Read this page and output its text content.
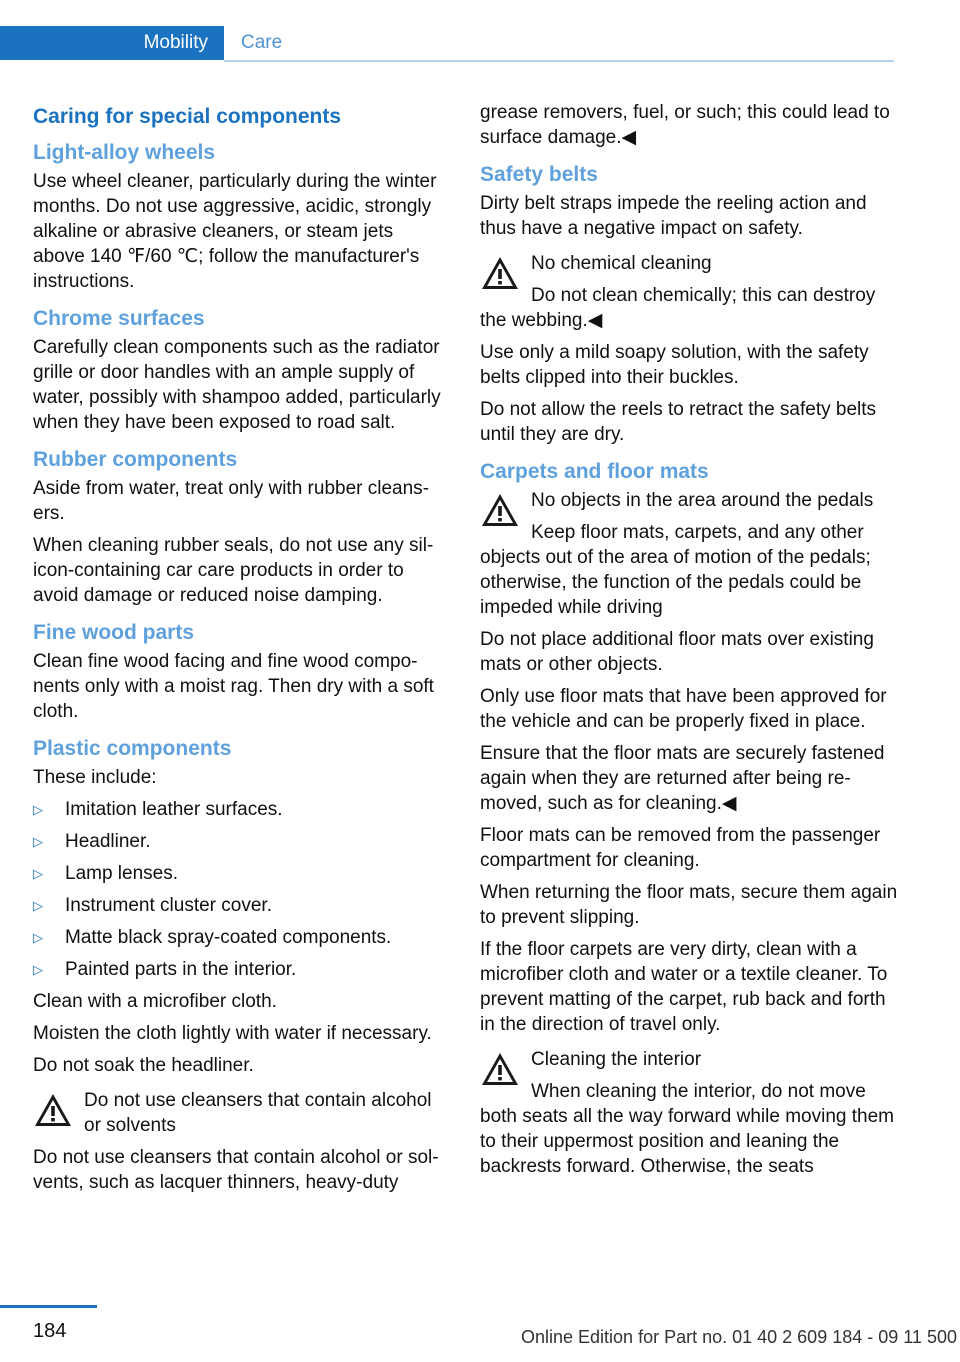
Mobility	Care
Caring for special components
Light-alloy wheels

Use wheel cleaner, particularly during the winter months. Do not use aggressive, acidic, strongly alkaline or abrasive cleaners, or steam jets above 140 ℉/60 ℃; follow the manufacturer's instructions.

Chrome surfaces

Carefully clean components such as the radiator grille or door handles with an ample supply of water, possibly with shampoo added, particularly when they have been exposed to road salt.

Rubber components

Aside from water, treat only with rubber cleansers.

When cleaning rubber seals, do not use any silicon-containing car care products in order to avoid damage or reduced noise damping.

Fine wood parts

Clean fine wood facing and fine wood components only with a moist rag. Then dry with a soft cloth.

Plastic components

These include:

▷	Imitation leather surfaces.
▷	Headliner.
▷	Lamp lenses.
▷	Instrument cluster cover.
▷	Matte black spray-coated components.
▷	Painted parts in the interior.

Clean with a microfiber cloth.

Moisten the cloth lightly with water if necessary.

Do not soak the headliner.

Do not use cleansers that contain alcohol or solvents

Do not use cleansers that contain alcohol or solvents, such as lacquer thinners, heavy-duty

grease removers, fuel, or such; this could lead to surface damage.◀

Safety belts

Dirty belt straps impede the reeling action and thus have a negative impact on safety.

No chemical cleaning

Do not clean chemically; this can destroy the webbing.◀

Use only a mild soapy solution, with the safety belts clipped into their buckles.

Do not allow the reels to retract the safety belts until they are dry.

Carpets and floor mats

No objects in the area around the pedals

Keep floor mats, carpets, and any other objects out of the area of motion of the pedals; otherwise, the function of the pedals could be impeded while driving

Do not place additional floor mats over existing mats or other objects.

Only use floor mats that have been approved for the vehicle and can be properly fixed in place.

Ensure that the floor mats are securely fastened again when they are returned after being removed, such as for cleaning.◀

Floor mats can be removed from the passenger compartment for cleaning.

When returning the floor mats, secure them again to prevent slipping.

If the floor carpets are very dirty, clean with a microfiber cloth and water or a textile cleaner. To prevent matting of the carpet, rub back and forth in the direction of travel only.

Cleaning the interior

When cleaning the interior, do not move both seats all the way forward while moving them to their uppermost position and leaning the backrests forward. Otherwise, the seats

184	Online Edition for Part no. 01 40 2 609 184 - 09 11 500
